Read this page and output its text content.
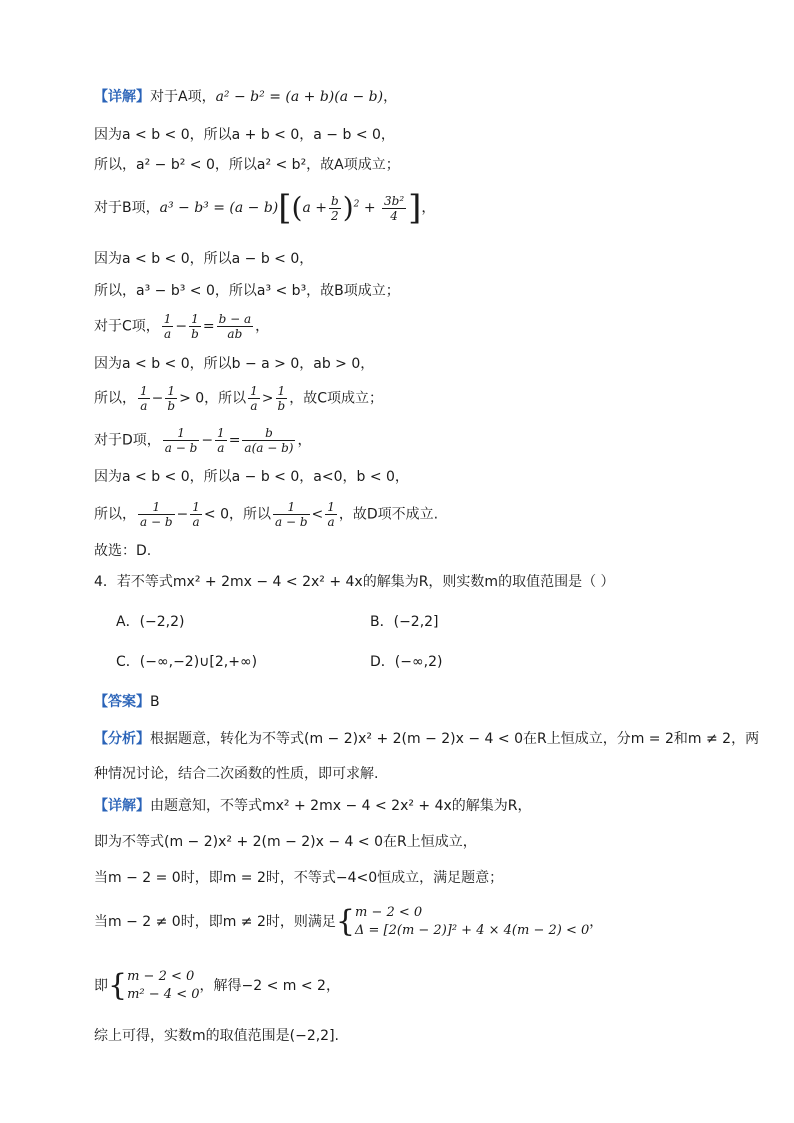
【详解】对于A项，a² − b² = (a + b)(a − b)，
因为a < b < 0，所以a + b < 0，a − b < 0，
所以，a² − b² < 0，所以a² < b²，故A项成立；
对于B项，$a^3 - b^3 = (a - b)[(a + \frac{b}{2} )^2 + \frac{\text{3b²}}{4}$ ]，
因为a < b < 0，所以a − b < 0，
所以，a³ − b³ < 0，所以a³ < b³，故B项成立；
对于C项， $\frac{1}{a} - \frac{1}{b} = \frac{b - a}{ab}$ ，
因为a < b < 0，所以b − a > 0，ab > 0，
所以， $\frac{1}{a} - \frac{1}{b} > 0$，所以 $\frac{1}{a} > \frac{1}{b}$ ，故C项成立；
对于D项， $\frac{1}{a - b} - \frac{1}{a} = \frac{b}{a(a - b)}$ ，
因为a < b < 0，所以a − b < 0，a<0，b < 0，
所以， $\frac{1}{a - b} - \frac{1}{a} < 0$，所以 $\frac{1}{a - b} < \frac{1}{a}$ ，故D项不成立.
故选：D.
4．若不等式mx² + 2mx − 4 < 2x² + 4x的解集为R，则实数m的取值范围是（ ）
A．(−2,2)	B．(−2,2]
C．(−∞,−2)∪[2,+∞)	D．(−∞,2)
【答案】B
【分析】根据题意，转化为不等式(m − 2)x² + 2(m − 2)x − 4 < 0在R上恒成立，分m = 2和m ≠ 2，两
种情况讨论，结合二次函数的性质，即可求解.
【详解】由题意知，不等式mx² + 2mx − 4 < 2x² + 4x的解集为R，
即为不等式(m − 2)x² + 2(m − 2)x − 4 < 0在R上恒成立，
当m − 2 = 0时，即m = 2时，不等式−4<0恒成立，满足题意；
当m − 2 ≠ 0时，即m ≠ 2时，则满足{ m − 2 < 0
Δ = [2(m − 2)]² + 4 × 4(m − 2) < 0
，
即{ m − 2 < 0
m² − 4 < 0
，解得−2 < m < 2，
综上可得，实数m的取值范围是(−2,2].
